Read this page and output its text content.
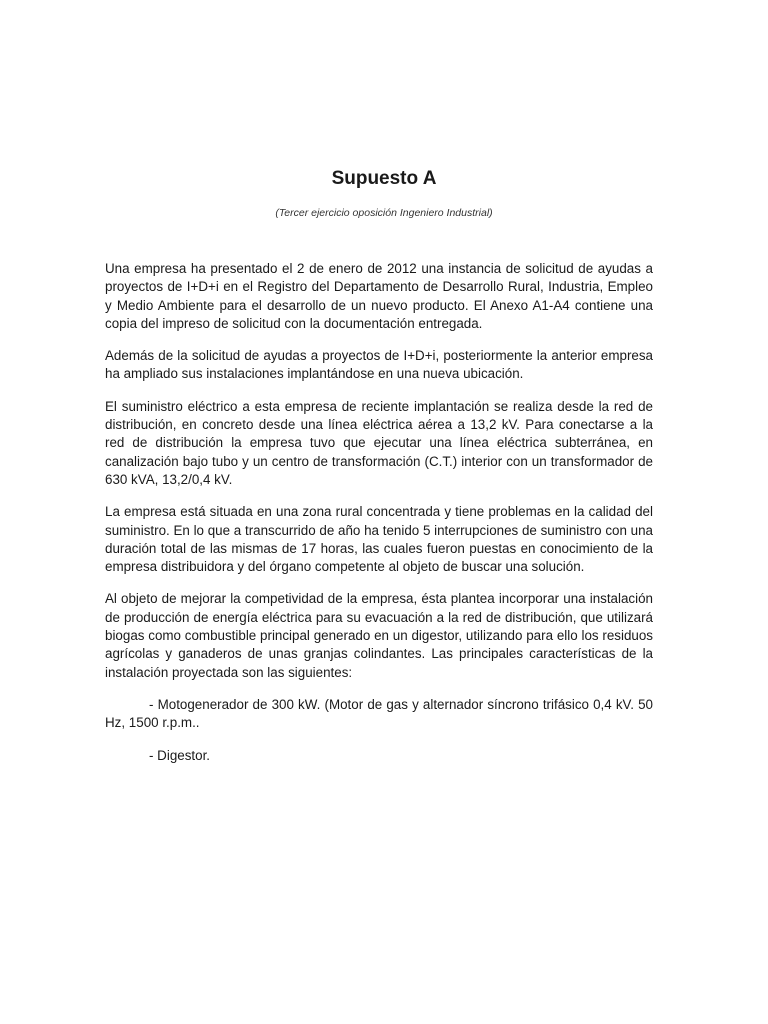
Supuesto A

(Tercer ejercicio oposición Ingeniero Industrial)

Una empresa ha presentado el 2 de enero de 2012 una instancia de solicitud de ayudas a proyectos de I+D+i en el Registro del Departamento de Desarrollo Rural, Industria, Empleo y Medio Ambiente para el desarrollo de un nuevo producto. El Anexo A1-A4 contiene una copia del impreso de solicitud con la documentación entregada.

Además de la solicitud de ayudas a proyectos de I+D+i, posteriormente la anterior empresa ha ampliado sus instalaciones implantándose en una nueva ubicación.

El suministro eléctrico a esta empresa de reciente implantación se realiza desde la red de distribución, en concreto desde una línea eléctrica aérea a 13,2 kV. Para conectarse a la red de distribución la empresa tuvo que ejecutar una línea eléctrica subterránea, en canalización bajo tubo y un centro de transformación (C.T.) interior con un transformador de 630 kVA, 13,2/0,4 kV.

La empresa está situada en una zona rural concentrada y tiene problemas en la calidad del suministro. En lo que a transcurrido de año ha tenido 5 interrupciones de suministro con una duración total de las mismas de 17 horas, las cuales fueron puestas en conocimiento de la empresa distribuidora y del órgano competente al objeto de buscar una solución.

Al objeto de mejorar la competividad de la empresa, ésta plantea incorporar una instalación de producción de energía eléctrica para su evacuación a la red de distribución, que utilizará biogas como combustible principal generado en un digestor, utilizando para ello los residuos agrícolas y ganaderos de unas granjas colindantes. Las principales características de la instalación proyectada son las siguientes:

- Motogenerador de 300 kW. (Motor de gas y alternador síncrono trifásico 0,4 kV. 50 Hz, 1500 r.p.m..

- Digestor.
